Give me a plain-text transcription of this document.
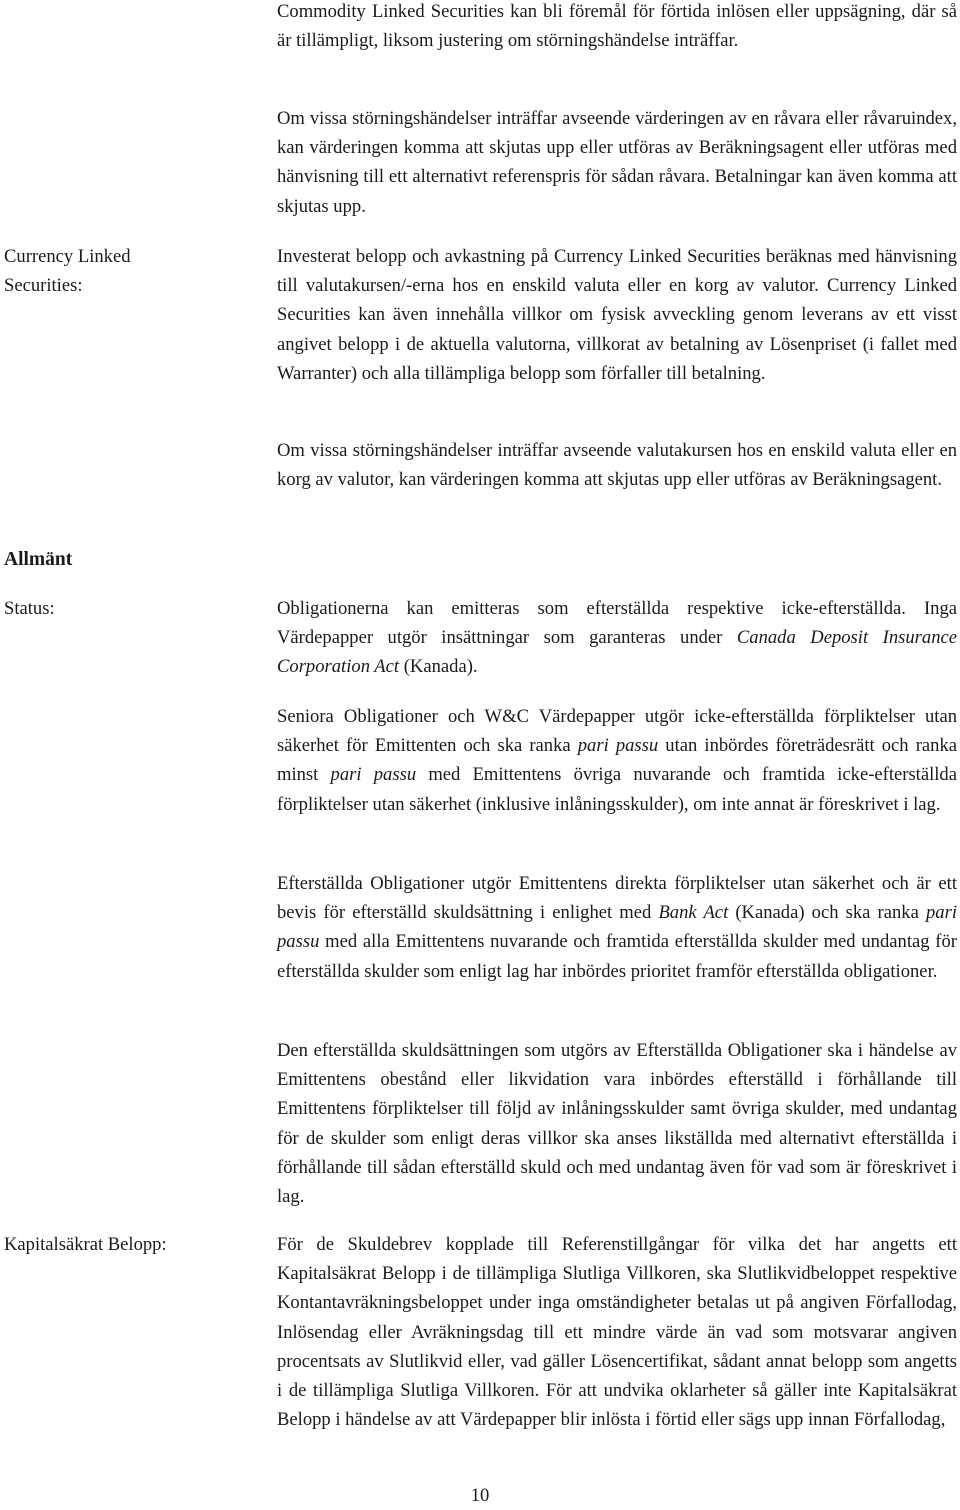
Commodity Linked Securities kan bli föremål för förtida inlösen eller uppsägning, där så är tillämpligt, liksom justering om störningshändelse inträffar.

Om vissa störningshändelser inträffar avseende värderingen av en råvara eller råvaruindex, kan värderingen komma att skjutas upp eller utföras av Beräkningsagent eller utföras med hänvisning till ett alternativt referenspris för sådan råvara. Betalningar kan även komma att skjutas upp.

Currency Linked
Securities:

Investerat belopp och avkastning på Currency Linked Securities beräknas med hänvisning till valutakursen/-erna hos en enskild valuta eller en korg av valutor. Currency Linked Securities kan även innehålla villkor om fysisk avveckling genom leverans av ett visst angivet belopp i de aktuella valutorna, villkorat av betalning av Lösenpriset (i fallet med Warranter) och alla tillämpliga belopp som förfaller till betalning.

Om vissa störningshändelser inträffar avseende valutakursen hos en enskild valuta eller en korg av valutor, kan värderingen komma att skjutas upp eller utföras av Beräkningsagent.

Allmänt

Status:	Obligationerna kan emitteras som efterställda respektive icke-efterställda. Inga Värdepapper utgör insättningar som garanteras under Canada Deposit Insurance Corporation Act (Kanada).

Seniora Obligationer och W&C Värdepapper utgör icke-efterställda förpliktelser utan säkerhet för Emittenten och ska ranka pari passu utan inbördes företrädesrätt och ranka minst pari passu med Emittentens övriga nuvarande och framtida icke-efterställda förpliktelser utan säkerhet (inklusive inlåningsskulder), om inte annat är föreskrivet i lag.

Efterställda Obligationer utgör Emittentens direkta förpliktelser utan säkerhet och är ett bevis för efterställd skuldsättning i enlighet med Bank Act (Kanada) och ska ranka pari passu med alla Emittentens nuvarande och framtida efterställda skulder med undantag för efterställda skulder som enligt lag har inbördes prioritet framför efterställda obligationer.

Den efterställda skuldsättningen som utgörs av Efterställda Obligationer ska i händelse av Emittentens obestånd eller likvidation vara inbördes efterställd i förhållande till Emittentens förpliktelser till följd av inlåningsskulder samt övriga skulder, med undantag för de skulder som enligt deras villkor ska anses likställda med alternativt efterställda i förhållande till sådan efterställd skuld och med undantag även för vad som är föreskrivet i lag.

Kapitalsäkrat Belopp:	För de Skuldebrev kopplade till Referenstillgångar för vilka det har angetts ett Kapitalsäkrat Belopp i de tillämpliga Slutliga Villkoren, ska Slutlikvidbeloppet respektive Kontantavräkningsbeloppet under inga omständigheter betalas ut på angiven Förfallodag, Inlösendag eller Avräkningsdag till ett mindre värde än vad som motsvarar angiven procentsats av Slutlikvid eller, vad gäller Lösencertifikat, sådant annat belopp som angetts i de tillämpliga Slutliga Villkoren. För att undvika oklarheter så gäller inte Kapitalsäkrat Belopp i händelse av att Värdepapper blir inlösta i förtid eller sägs upp innan Förfallodag,

10
